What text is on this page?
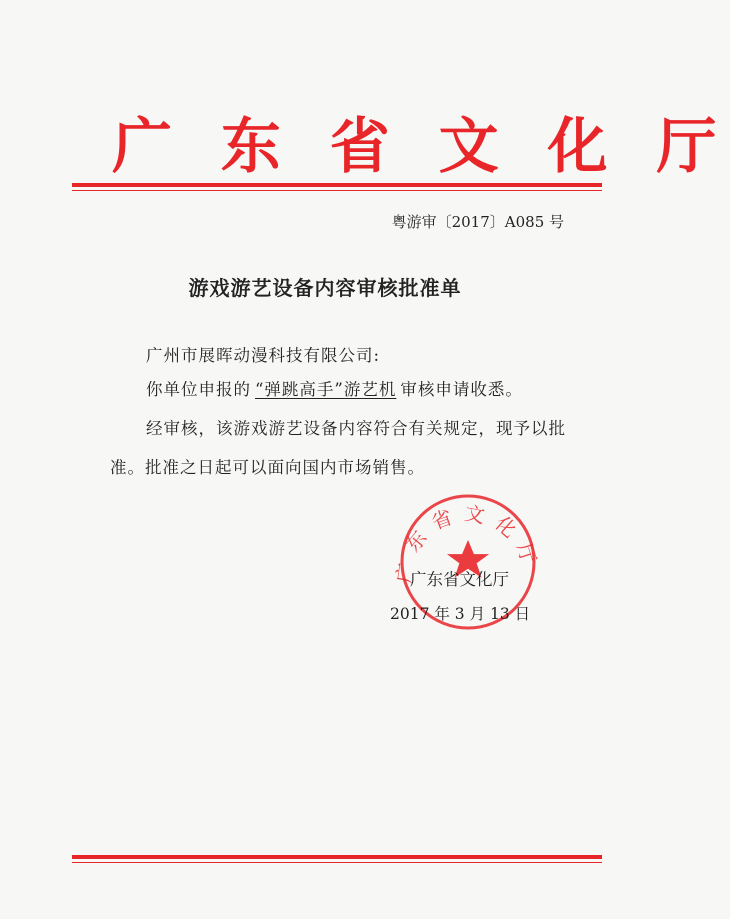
广 东 省 文 化 厅
粤游审〔2017〕A085 号
游戏游艺设备内容审核批准单
广州市展晖动漫科技有限公司:
你单位申报的 “弹跳高手”游艺机 审核申请收悉。
经审核，该游戏游艺设备内容符合有关规定，现予以批
准。批准之日起可以面向国内市场销售。
广东省文化厅
广东省文化厅
2017 年 3 月 13 日
